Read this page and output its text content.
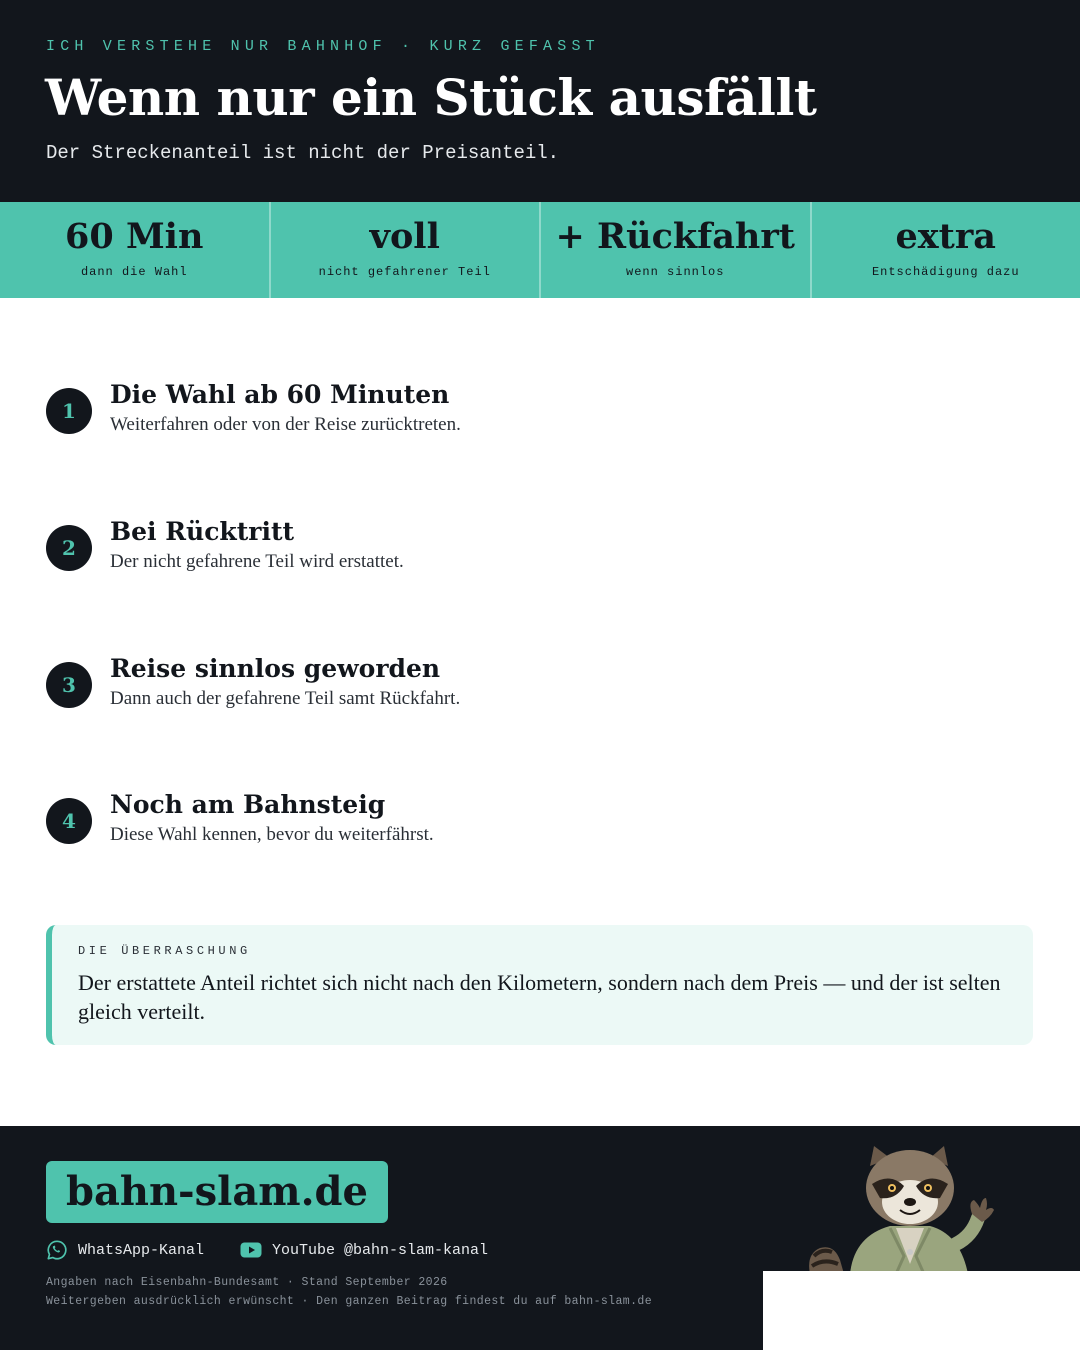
ICH VERSTEHE NUR BAHNHOF · KURZ GEFASST
Wenn nur ein Stück ausfällt
Der Streckenanteil ist nicht der Preisanteil.
60 Min
dann die Wahl
voll
nicht gefahrener Teil
+ Rückfahrt
wenn sinnlos
extra
Entschädigung dazu
1
Die Wahl ab 60 Minuten
Weiterfahren oder von der Reise zurücktreten.
2
Bei Rücktritt
Der nicht gefahrene Teil wird erstattet.
3
Reise sinnlos geworden
Dann auch der gefahrene Teil samt Rückfahrt.
4
Noch am Bahnsteig
Diese Wahl kennen, bevor du weiterfährst.
DIE ÜBERRASCHUNG

Der erstattete Anteil richtet sich nicht nach den Kilometern, sondern nach dem Preis — und der ist selten gleich verteilt.

bahn-slam.de
WhatsApp-Kanal	YouTube @bahn-slam-kanal
Angaben nach Eisenbahn-Bundesamt · Stand September 2026
Weitergeben ausdrücklich erwünscht · Den ganzen Beitrag findest du auf bahn-slam.de
